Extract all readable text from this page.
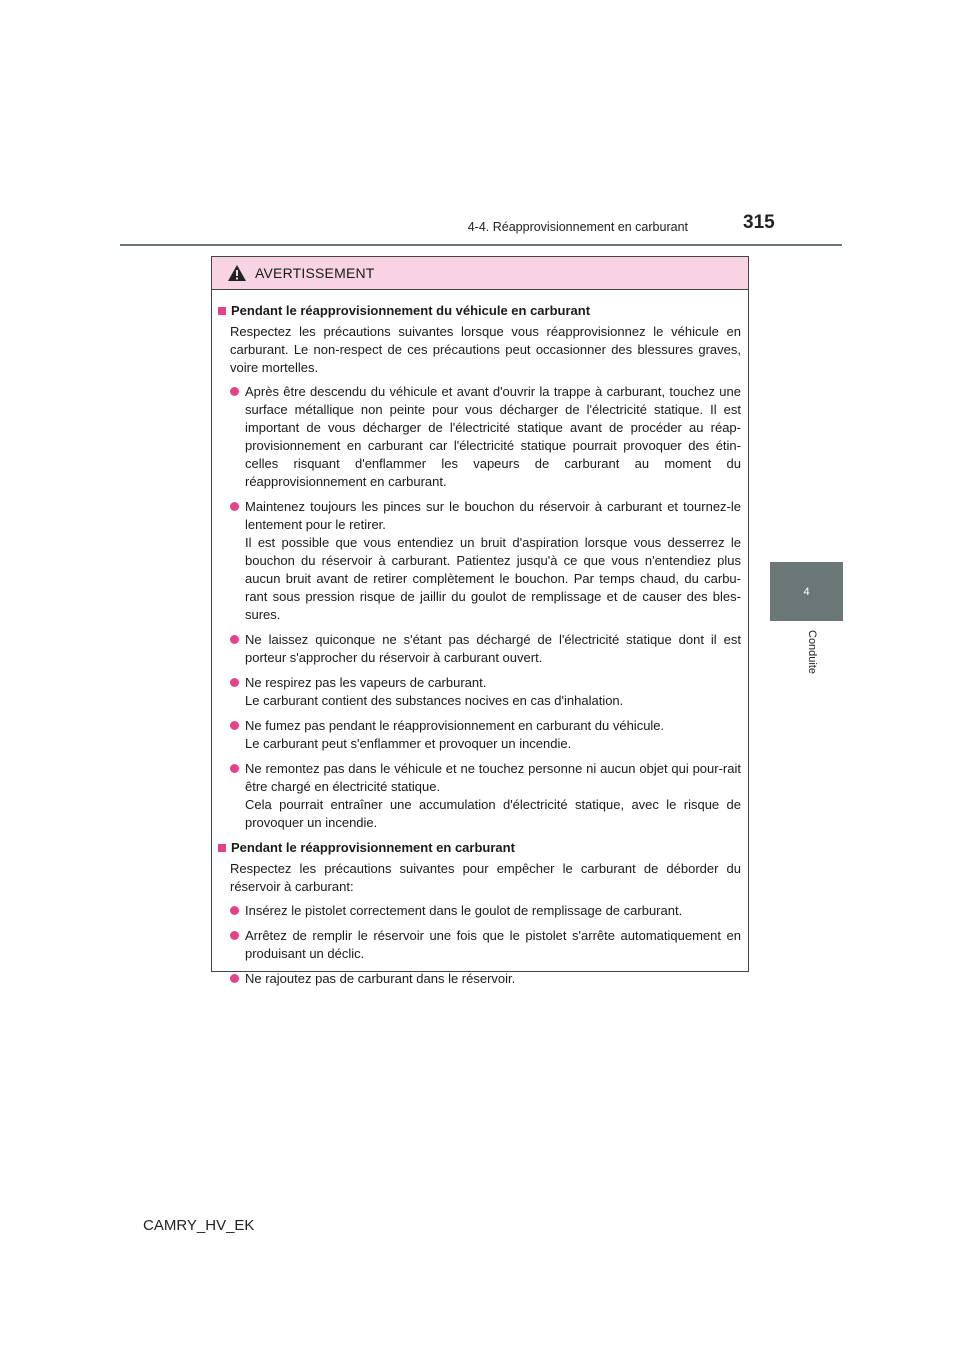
4-4. Réapprovisionnement en carburant	315
4
Conduite
AVERTISSEMENT
Pendant le réapprovisionnement du véhicule en carburant
Respectez les précautions suivantes lorsque vous réapprovisionnez le véhicule en carburant. Le non-respect de ces précautions peut occasionner des blessures graves, voire mortelles.
Après être descendu du véhicule et avant d'ouvrir la trappe à carburant, touchez une surface métallique non peinte pour vous décharger de l'électricité statique. Il est important de vous décharger de l'électricité statique avant de procéder au réap-provisionnement en carburant car l'électricité statique pourrait provoquer des étin-celles risquant d'enflammer les vapeurs de carburant au moment du réapprovisionnement en carburant.
Maintenez toujours les pinces sur le bouchon du réservoir à carburant et tournez-le lentement pour le retirer.
Il est possible que vous entendiez un bruit d'aspiration lorsque vous desserrez le bouchon du réservoir à carburant. Patientez jusqu'à ce que vous n'entendiez plus aucun bruit avant de retirer complètement le bouchon. Par temps chaud, du carbu-rant sous pression risque de jaillir du goulot de remplissage et de causer des bles-sures.
Ne laissez quiconque ne s'étant pas déchargé de l'électricité statique dont il est porteur s'approcher du réservoir à carburant ouvert.
Ne respirez pas les vapeurs de carburant.
Le carburant contient des substances nocives en cas d'inhalation.
Ne fumez pas pendant le réapprovisionnement en carburant du véhicule.
Le carburant peut s'enflammer et provoquer un incendie.
Ne remontez pas dans le véhicule et ne touchez personne ni aucun objet qui pour-rait être chargé en électricité statique.
Cela pourrait entraîner une accumulation d'électricité statique, avec le risque de provoquer un incendie.
Pendant le réapprovisionnement en carburant
Respectez les précautions suivantes pour empêcher le carburant de déborder du réservoir à carburant:
Insérez le pistolet correctement dans le goulot de remplissage de carburant.
Arrêtez de remplir le réservoir une fois que le pistolet s'arrête automatiquement en produisant un déclic.
Ne rajoutez pas de carburant dans le réservoir.
CAMRY_HV_EK
